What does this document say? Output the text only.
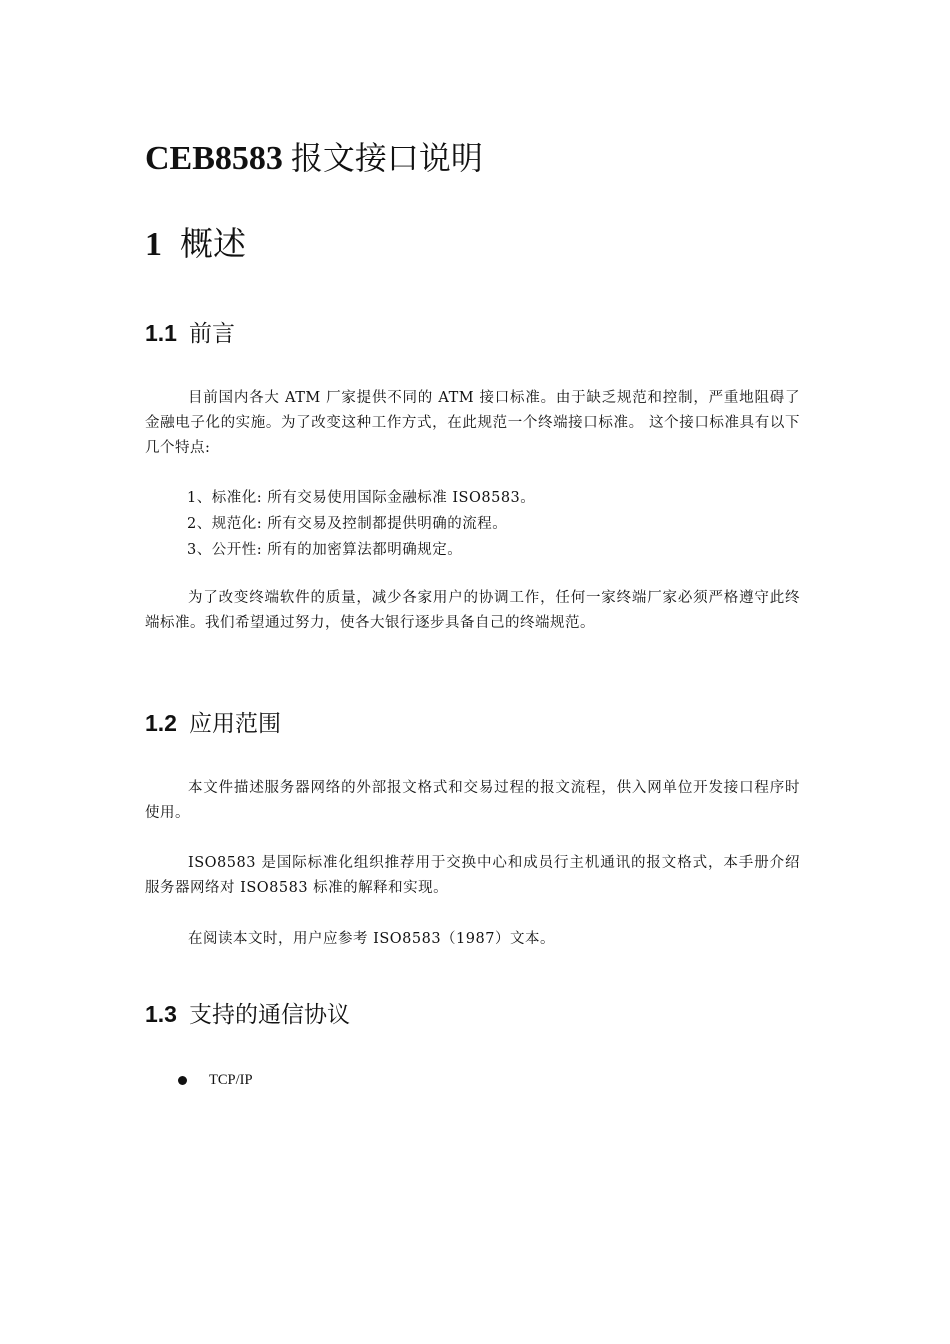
CEB8583 报文接口说明
1 概述
1.1 前言

目前国内各大 ATM 厂家提供不同的 ATM 接口标准。由于缺乏规范和控制，严重地阻碍了金融电子化的实施。为了改变这种工作方式，在此规范一个终端接口标准。 这个接口标准具有以下几个特点:

1、标准化: 所有交易使用国际金融标准 ISO8583。
2、规范化: 所有交易及控制都提供明确的流程。
3、公开性: 所有的加密算法都明确规定。

为了改变终端软件的质量，减少各家用户的协调工作，任何一家终端厂家必须严格遵守此终端标准。我们希望通过努力，使各大银行逐步具备自己的终端规范。

1.2 应用范围

本文件描述服务器网络的外部报文格式和交易过程的报文流程，供入网单位开发接口程序时使用。

ISO8583 是国际标准化组织推荐用于交换中心和成员行主机通讯的报文格式，本手册介绍服务器网络对 ISO8583 标准的解释和实现。

在阅读本文时，用户应参考 ISO8583（1987）文本。

1.3 支持的通信协议
TCP/IP
